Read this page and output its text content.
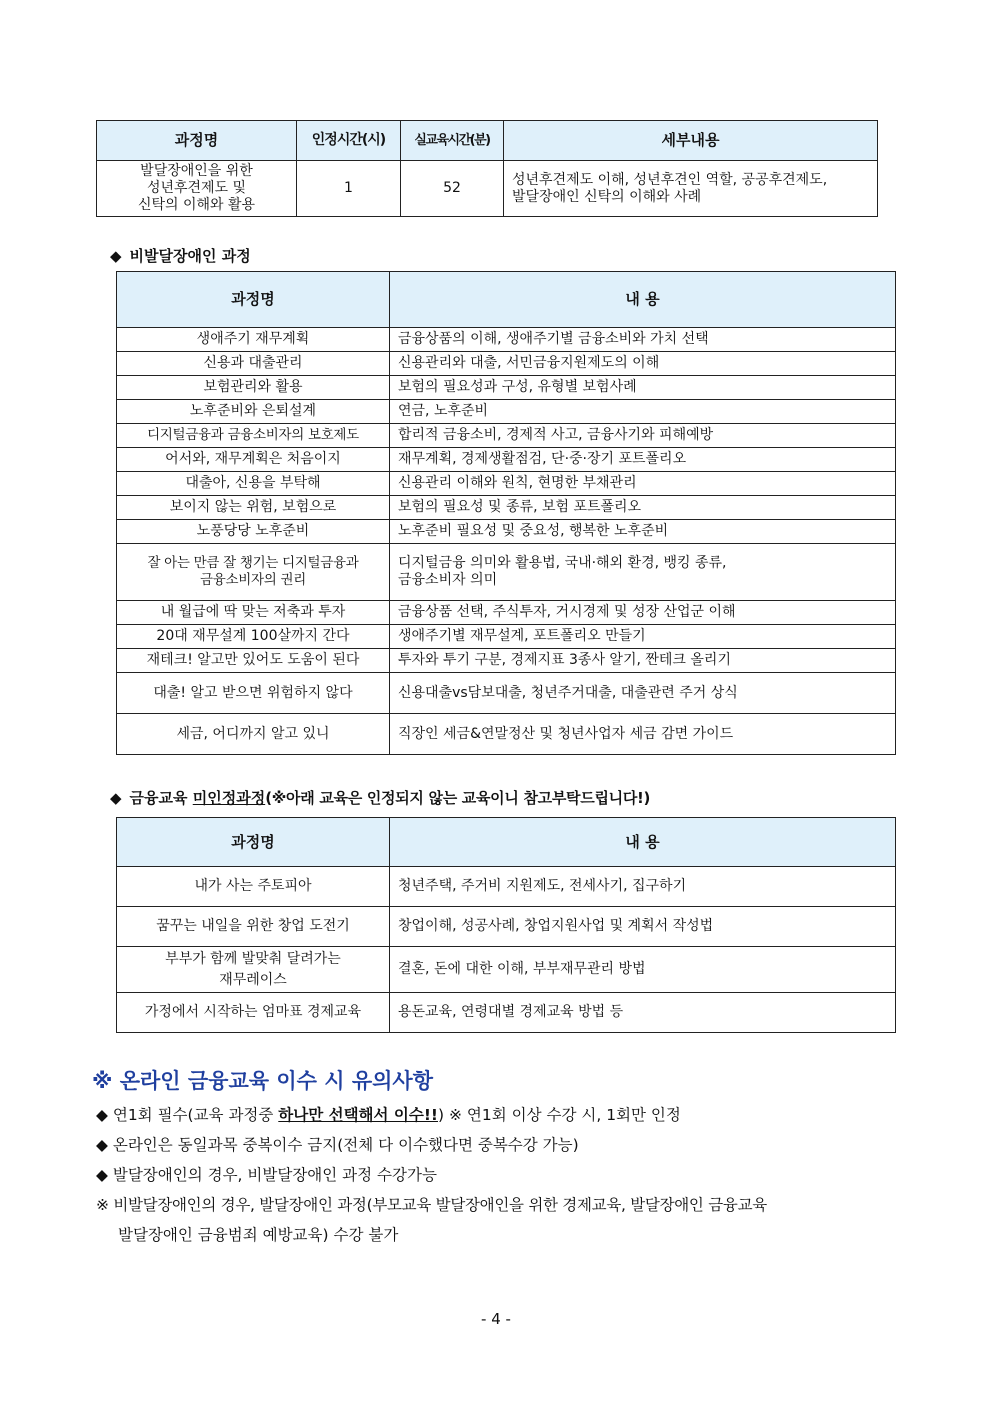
과정명	인정시간(시)	실교육시간(분)	세부내용
발달장애인을 위한
성년후견제도 및
신탁의 이해와 활용	1	52	성년후견제도 이해, 성년후견인 역할, 공공후견제도,
발달장애인 신탁의 이해와 사례
◆ 비발달장애인 과정
과정명	내 용
생애주기 재무계획	금융상품의 이해, 생애주기별 금융소비와 가치 선택
신용과 대출관리	신용관리와 대출, 서민금융지원제도의 이해
보험관리와 활용	보험의 필요성과 구성, 유형별 보험사례
노후준비와 은퇴설계	연금, 노후준비
디지털금융과 금융소비자의 보호제도	합리적 금융소비, 경제적 사고, 금융사기와 피해예방
어서와, 재무계획은 처음이지	재무계획, 경제생활점검, 단·중·장기 포트폴리오
대출아, 신용을 부탁해	신용관리 이해와 원칙, 현명한 부채관리
보이지 않는 위험, 보험으로	보험의 필요성 및 종류, 보험 포트폴리오
노풍당당 노후준비	노후준비 필요성 및 중요성, 행복한 노후준비
잘 아는 만큼 잘 챙기는 디지털금융과
금융소비자의 권리	디지털금융 의미와 활용법, 국내·해외 환경, 뱅킹 종류,
금융소비자 의미
내 월급에 딱 맞는 저축과 투자	금융상품 선택, 주식투자, 거시경제 및 성장 산업군 이해
20대 재무설계 100살까지 간다	생애주기별 재무설계, 포트폴리오 만들기
재테크! 알고만 있어도 도움이 된다	투자와 투기 구분, 경제지표 3종사 알기, 짠테크 올리기
대출! 알고 받으면 위험하지 않다	신용대출vs담보대출, 청년주거대출, 대출관련 주거 상식
세금, 어디까지 알고 있니	직장인 세금&연말정산 및 청년사업자 세금 감면 가이드
◆ 금융교육 미인정과정(※아래 교육은 인정되지 않는 교육이니 참고부탁드립니다!)
과정명	내 용
내가 사는 주토피아	청년주택, 주거비 지원제도, 전세사기, 집구하기
꿈꾸는 내일을 위한 창업 도전기	창업이해, 성공사례, 창업지원사업 및 계획서 작성법
부부가 함께 발맞춰 달려가는
재무레이스	결혼, 돈에 대한 이해, 부부재무관리 방법
가정에서 시작하는 엄마표 경제교육	용돈교육, 연령대별 경제교육 방법 등
※ 온라인 금융교육 이수 시 유의사항
◆ 연1회 필수(교육 과정중 하나만 선택해서 이수!!) ※ 연1회 이상 수강 시, 1회만 인정
◆ 온라인은 동일과목 중복이수 금지(전체 다 이수했다면 중복수강 가능)
◆ 발달장애인의 경우, 비발달장애인 과정 수강가능
※ 비발달장애인의 경우, 발달장애인 과정(부모교육 발달장애인을 위한 경제교육, 발달장애인 금융교육
발달장애인 금융범죄 예방교육) 수강 불가
- 4 -
